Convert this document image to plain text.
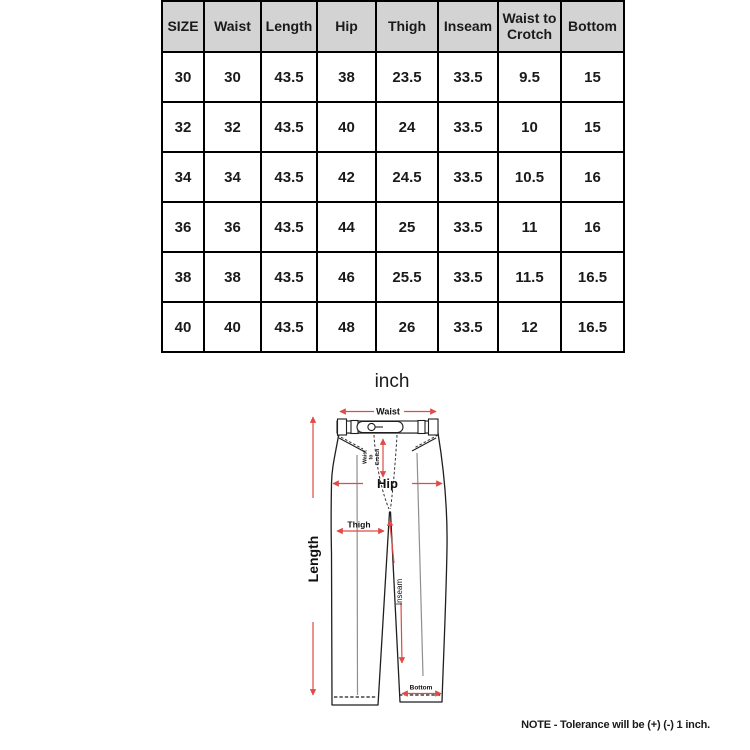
SIZE	Waist	Length	Hip	Thigh	Inseam	Waist to Crotch	Bottom
30	30	43.5	38	23.5	33.5	9.5	15
32	32	43.5	40	24	33.5	10	15
34	34	43.5	42	24.5	33.5	10.5	16
36	36	43.5	44	25	33.5	11	16
38	38	43.5	46	25.5	33.5	11.5	16.5
40	40	43.5	48	26	33.5	12	16.5
inch
Waist
Waist to Crotch
Hip
Thigh
Length
Inseam
Bottom
NOTE - Tolerance will be (+) (-) 1 inch.
